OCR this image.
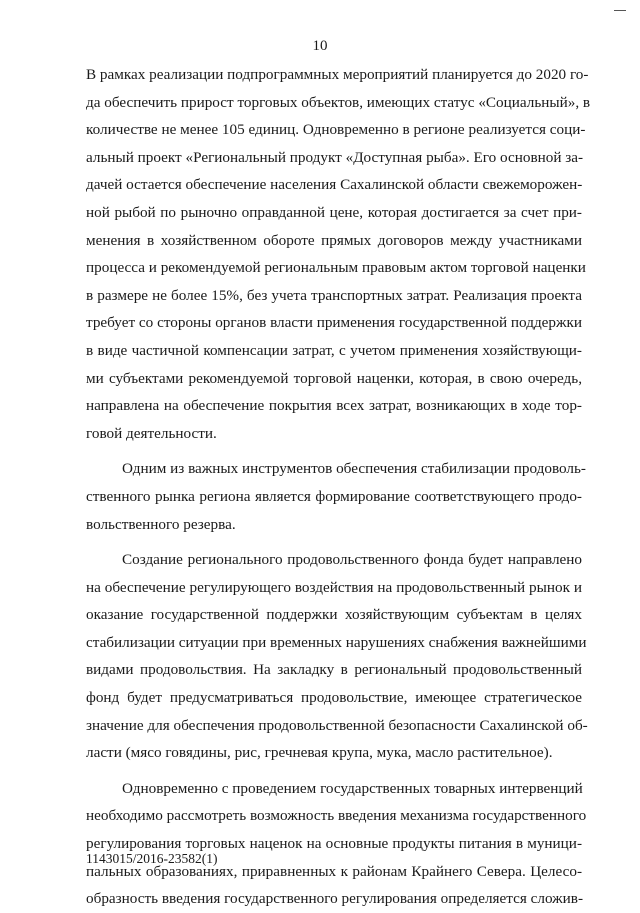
10

В рамках реализации подпрограммных мероприятий планируется до 2020 го-
да обеспечить прирост торговых объектов, имеющих статус «Социальный», в
количестве не менее 105 единиц. Одновременно в регионе реализуется соци-
альный проект «Региональный продукт «Доступная рыба». Его основной за-
дачей остается обеспечение населения Сахалинской области свежеморожен-
ной рыбой по рыночно оправданной цене, которая достигается за счет при-
менения в хозяйственном обороте прямых договоров между участниками
процесса и рекомендуемой региональным правовым актом торговой наценки
в размере не более 15%, без учета транспортных затрат. Реализация проекта
требует со стороны органов власти применения государственной поддержки
в виде частичной компенсации затрат, с учетом применения хозяйствующи-
ми субъектами рекомендуемой торговой наценки, которая, в свою очередь,
направлена на обеспечение покрытия всех затрат, возникающих в ходе тор-
говой деятельности.

Одним из важных инструментов обеспечения стабилизации продоволь-
ственного рынка региона является формирование соответствующего продо-
вольственного резерва.

Создание регионального продовольственного фонда будет направлено
на обеспечение регулирующего воздействия на продовольственный рынок и
оказание государственной поддержки хозяйствующим субъектам в целях
стабилизации ситуации при временных нарушениях снабжения важнейшими
видами продовольствия. На закладку в региональный продовольственный
фонд будет предусматриваться продовольствие, имеющее стратегическое
значение для обеспечения продовольственной безопасности Сахалинской об-
ласти (мясо говядины, рис, гречневая крупа, мука, масло растительное).

Одновременно с проведением государственных товарных интервенций
необходимо рассмотреть возможность введения механизма государственного
регулирования торговых наценок на основные продукты питания в муници-
пальных образованиях, приравненных к районам Крайнего Севера. Целесо-
образность введения государственного регулирования определяется сложив-

1143015/2016-23582(1)
